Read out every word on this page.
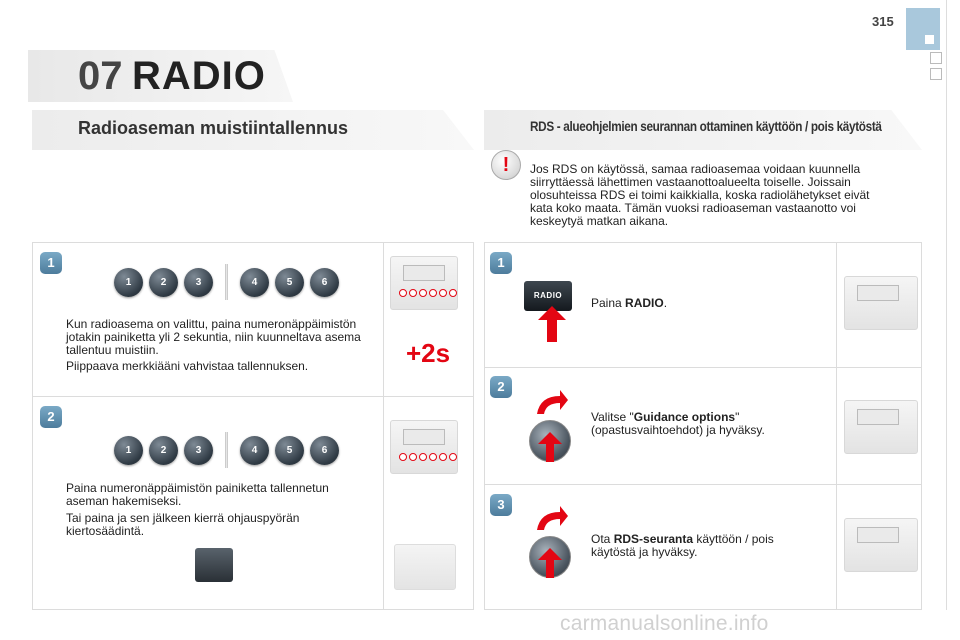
315
07 RADIO
Radioaseman muistiintallennus	RDS - alueohjelmien seurannan ottaminen käyttöön / pois käytöstä
!	Jos RDS on käytössä, samaa radioasemaa voidaan kuunnella siirryttäessä lähettimen vastaanottoalueelta toiselle. Joissain olosuhteissa RDS ei toimi kaikkialla, koska radiolähetykset eivät kata koko maata. Tämän vuoksi radioaseman vastaanotto voi keskeytyä matkan aikana.
1
1	2	3	4	5	6
Kun radioasema on valittu, paina numeronäppäimistön jotakin painiketta yli 2 sekuntia, niin kuunneltava asema tallentuu muistiin.
Piippaava merkkiääni vahvistaa tallennuksen.	+2s
2
1	2	3	4	5	6
Paina numeronäppäimistön painiketta tallennetun aseman hakemiseksi.
Tai paina ja sen jälkeen kierrä ohjauspyörän kiertosäädintä.
1
RADIO
Paina RADIO.
2
Valitse "Guidance options" (opastusvaihtoehdot) ja hyväksy.
3
Ota RDS-seuranta käyttöön / pois käytöstä ja hyväksy.
carmanualsonline.info
